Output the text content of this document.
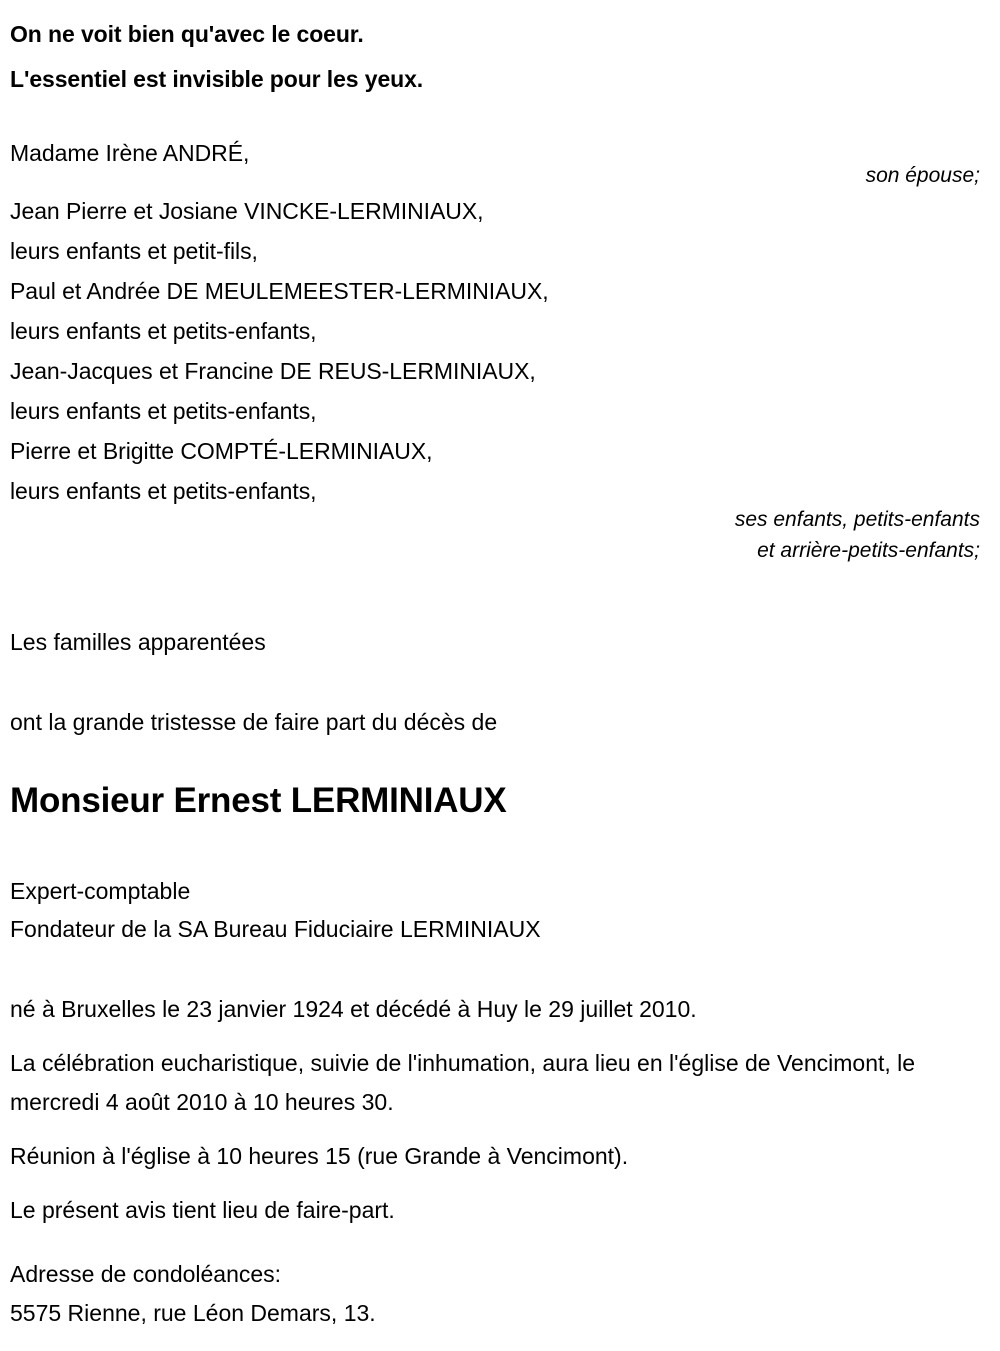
On ne voit bien qu'avec le coeur.
L'essentiel est invisible pour les yeux.
Madame Irène ANDRÉ,
son épouse;
Jean Pierre et Josiane VINCKE-LERMINIAUX,
leurs enfants et petit-fils,
Paul et Andrée DE MEULEMEESTER-LERMINIAUX,
leurs enfants et petits-enfants,
Jean-Jacques et Francine DE REUS-LERMINIAUX,
leurs enfants et petits-enfants,
Pierre et Brigitte COMPTÉ-LERMINIAUX,
leurs enfants et petits-enfants,
ses enfants, petits-enfants et arrière-petits-enfants;
Les familles apparentées
ont la grande tristesse de faire part du décès de
Monsieur Ernest LERMINIAUX
Expert-comptable
Fondateur de la SA Bureau Fiduciaire LERMINIAUX

né à Bruxelles le 23 janvier 1924 et décédé à Huy le 29 juillet 2010.

La célébration eucharistique, suivie de l'inhumation, aura lieu en l'église de Vencimont, le mercredi 4 août 2010 à 10 heures 30.

Réunion à l'église à 10 heures 15 (rue Grande à Vencimont).

Le présent avis tient lieu de faire-part.

Adresse de condoléances:
5575 Rienne, rue Léon Demars, 13.
